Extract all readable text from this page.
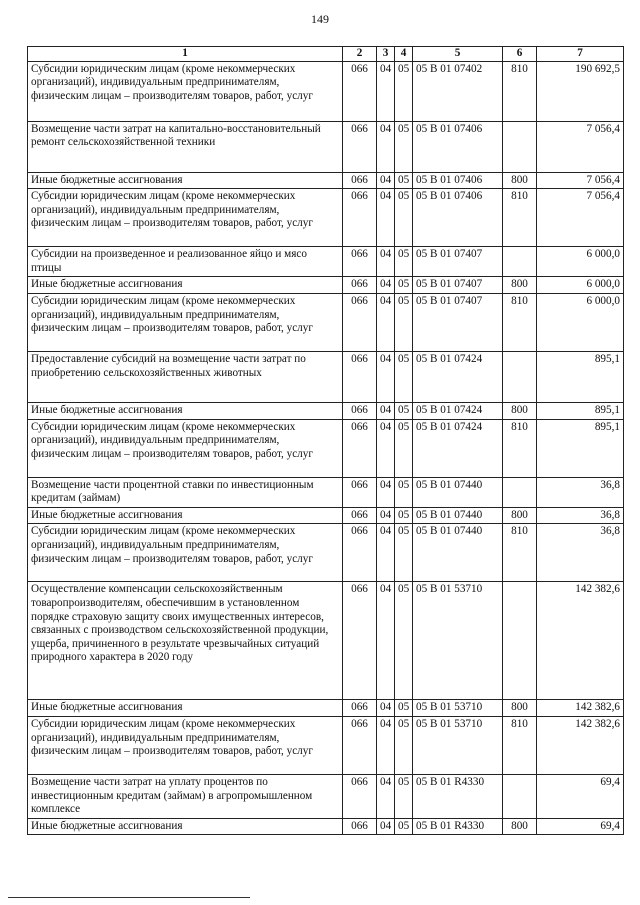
149
1	2	3	4	5	6	7
Субсидии юридическим лицам (кроме некоммерческих организаций), индивидуальным предпринимателям, физическим лицам – производителям товаров, работ, услуг	066	04	05	05 В 01 07402	810	190 692,5
Возмещение части затрат на капитально-восстановительный ремонт сельскохозяйственной техники	066	04	05	05 В 01 07406		7 056,4
Иные бюджетные ассигнования	066	04	05	05 В 01 07406	800	7 056,4
Субсидии юридическим лицам (кроме некоммерческих организаций), индивидуальным предпринимателям, физическим лицам – производителям товаров, работ, услуг	066	04	05	05 В 01 07406	810	7 056,4
Субсидии на произведенное и реализованное яйцо и мясо птицы	066	04	05	05 В 01 07407		6 000,0
Иные бюджетные ассигнования	066	04	05	05 В 01 07407	800	6 000,0
Субсидии юридическим лицам (кроме некоммерческих организаций), индивидуальным предпринимателям, физическим лицам – производителям товаров, работ, услуг	066	04	05	05 В 01 07407	810	6 000,0
Предоставление субсидий на возмещение части затрат по приобретению сельскохозяйственных животных	066	04	05	05 В 01 07424		895,1
Иные бюджетные ассигнования	066	04	05	05 В 01 07424	800	895,1
Субсидии юридическим лицам (кроме некоммерческих организаций), индивидуальным предпринимателям, физическим лицам – производителям товаров, работ, услуг	066	04	05	05 В 01 07424	810	895,1
Возмещение части процентной ставки по инвестиционным кредитам (займам)	066	04	05	05 В 01 07440		36,8
Иные бюджетные ассигнования	066	04	05	05 В 01 07440	800	36,8
Субсидии юридическим лицам (кроме некоммерческих организаций), индивидуальным предпринимателям, физическим лицам – производителям товаров, работ, услуг	066	04	05	05 В 01 07440	810	36,8
Осуществление компенсации сельскохозяйственным товаропроизводителям, обеспечившим в установленном порядке страховую защиту своих имущественных интересов, связанных с производством сельскохозяйственной продукции, ущерба, причиненного в результате чрезвычайных ситуаций природного характера в 2020 году	066	04	05	05 В 01 53710		142 382,6
Иные бюджетные ассигнования	066	04	05	05 В 01 53710	800	142 382,6
Субсидии юридическим лицам (кроме некоммерческих организаций), индивидуальным предпринимателям, физическим лицам – производителям товаров, работ, услуг	066	04	05	05 В 01 53710	810	142 382,6
Возмещение части затрат на уплату процентов по инвестиционным кредитам (займам) в агропромышленном комплексе	066	04	05	05 В 01 R4330		69,4
Иные бюджетные ассигнования	066	04	05	05 В 01 R4330	800	69,4
